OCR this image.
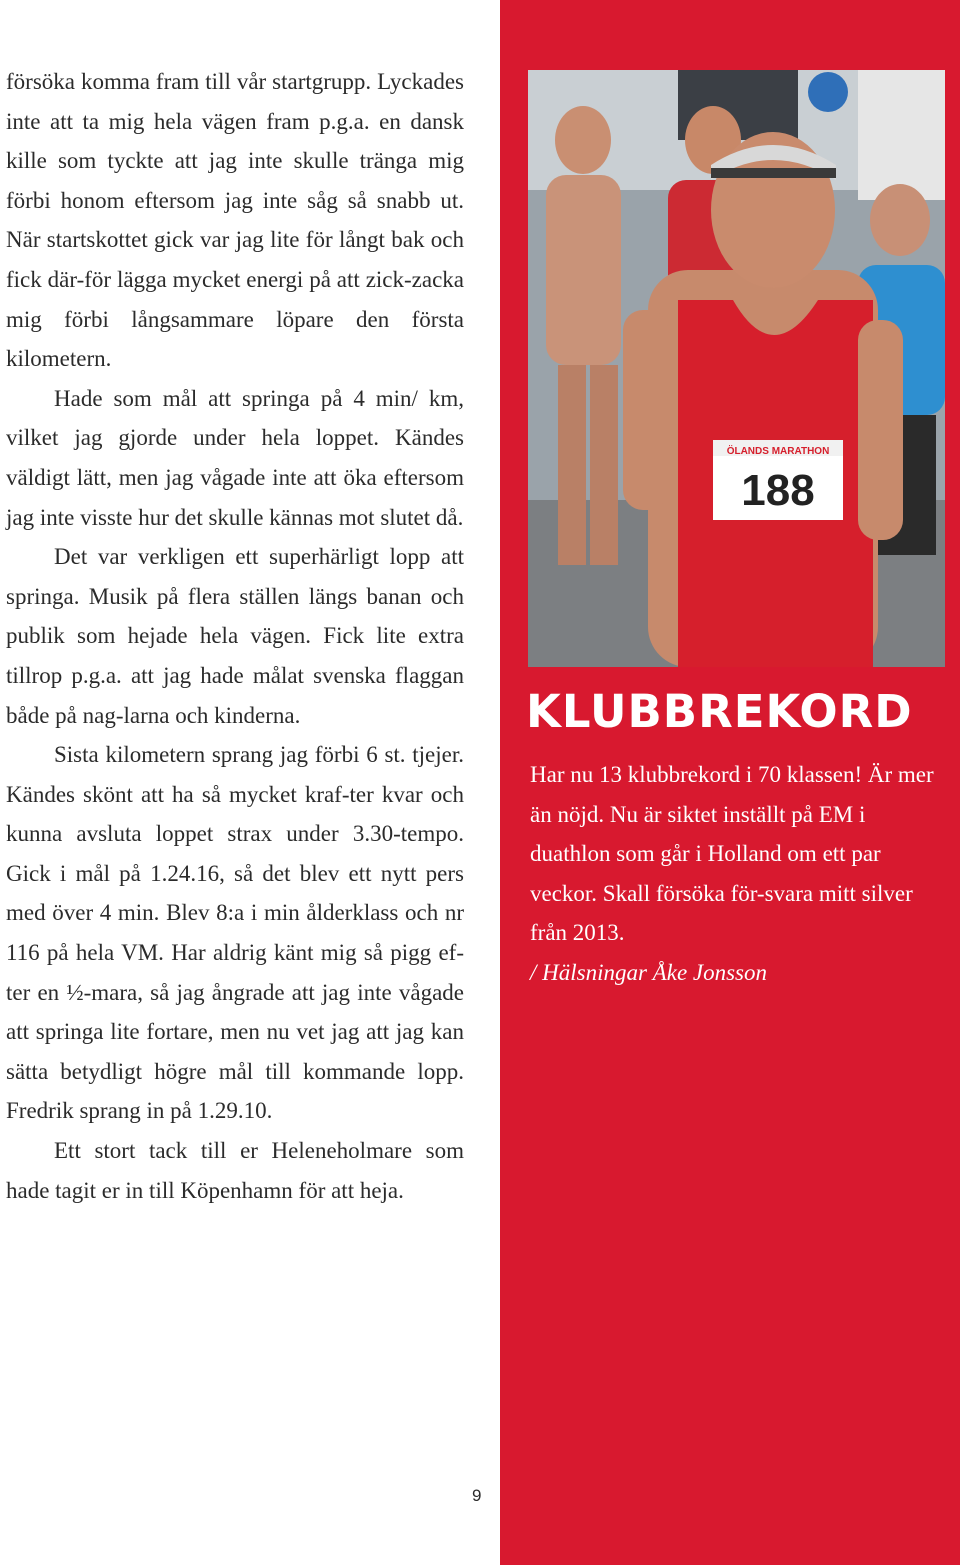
försöka komma fram till vår startgrupp. Lyckades inte att ta mig hela vägen fram p.g.a. en dansk kille som tyckte att jag inte skulle tränga mig förbi honom eftersom jag inte såg så snabb ut. När startskottet gick var jag lite för långt bak och fick där-för lägga mycket energi på att zick-zacka mig förbi långsammare löpare den första kilometern.

Hade som mål att springa på 4 min/ km, vilket jag gjorde under hela loppet. Kändes väldigt lätt, men jag vågade inte att öka eftersom jag inte visste hur det skulle kännas mot slutet då.

Det var verkligen ett superhärligt lopp att springa. Musik på flera ställen längs banan och publik som hejade hela vägen. Fick lite extra tillrop p.g.a. att jag hade målat svenska flaggan både på nag-larna och kinderna.

Sista kilometern sprang jag förbi 6 st. tjejer. Kändes skönt att ha så mycket kraf-ter kvar och kunna avsluta loppet strax under 3.30-tempo. Gick i mål på 1.24.16, så det blev ett nytt pers med över 4 min. Blev 8:a i min ålderklass och nr 116 på hela VM. Har aldrig känt mig så pigg ef-ter en ½-mara, så jag ångrade att jag inte vågade att springa lite fortare, men nu vet jag att jag kan sätta betydligt högre mål till kommande lopp. Fredrik sprang in på 1.29.10.

Ett stort tack till er Heleneholmare som hade tagit er in till Köpenhamn för att heja.

ÖLANDS MARATHON
188
KLUBBREKORD

Har nu 13 klubbrekord i 70 klassen! Är mer än nöjd. Nu är siktet inställt på EM i duathlon som går i Holland om ett par veckor. Skall försöka för-svara mitt silver från 2013.

/ Hälsningar Åke Jonsson

9
